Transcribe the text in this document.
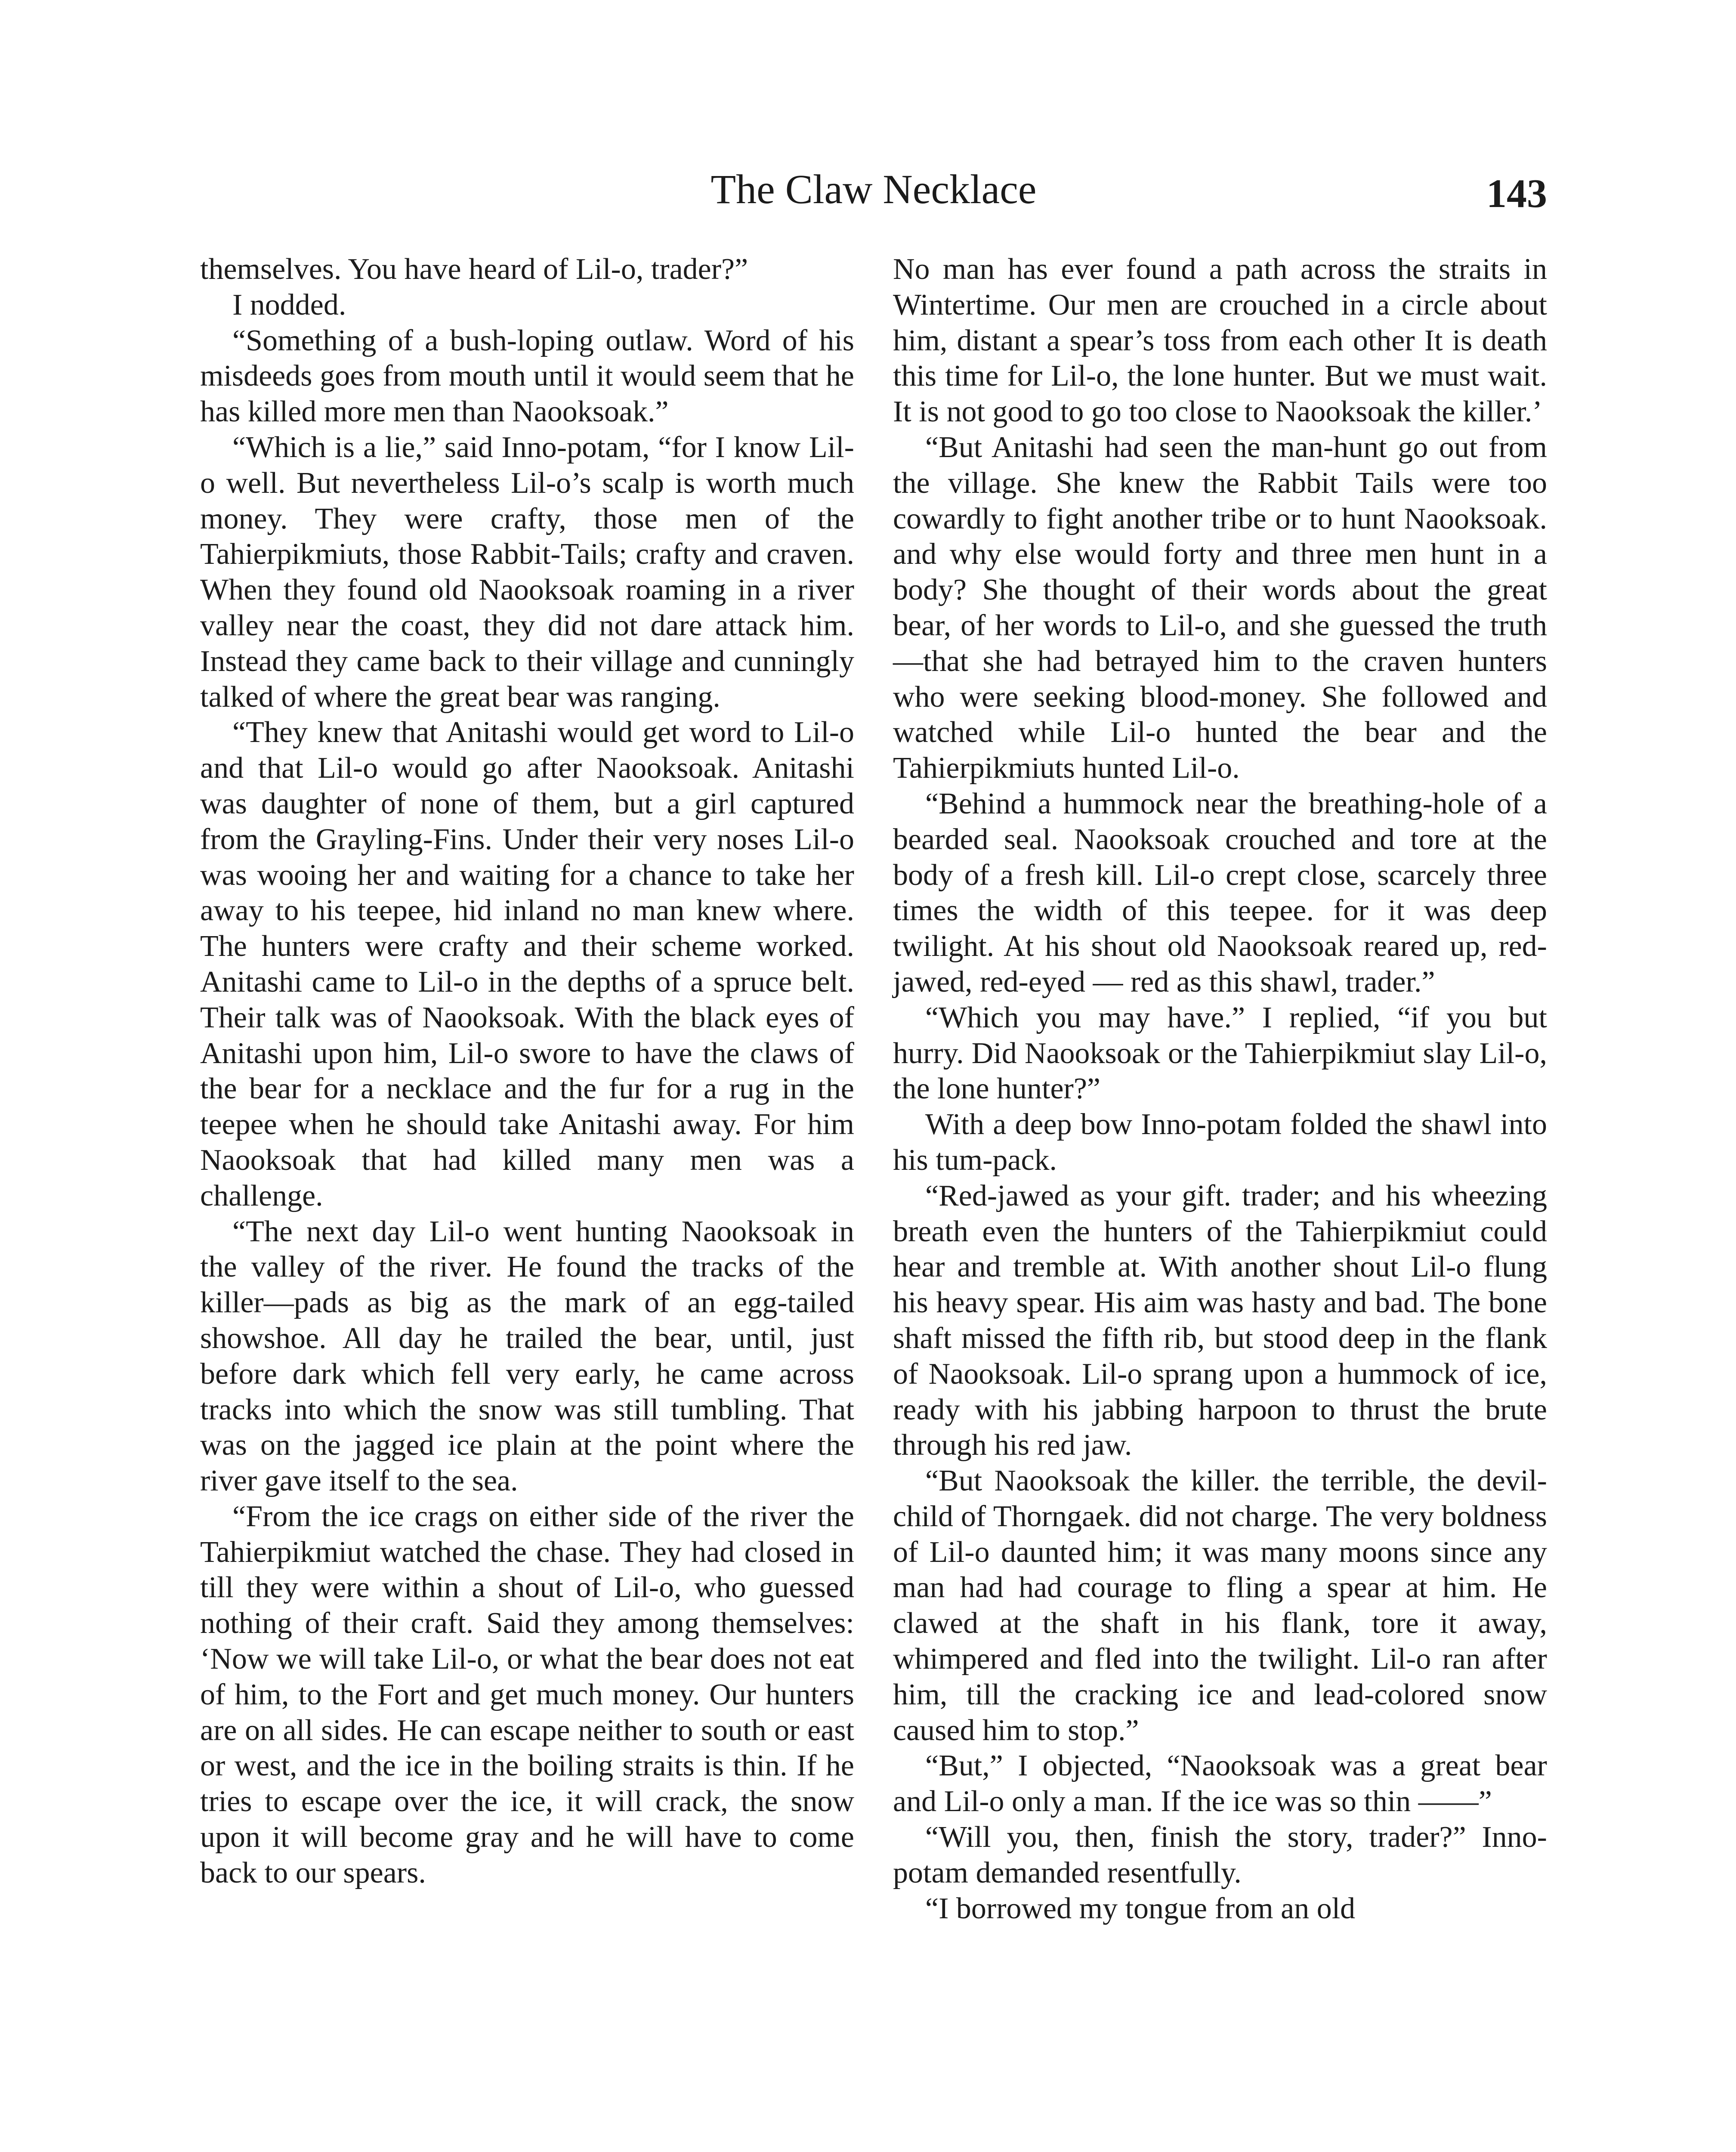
The Claw Necklace	143

themselves. You have heard of Lil-o, trader?”

I nodded.

“Something of a bush-loping outlaw. Word of his misdeeds goes from mouth until it would seem that he has killed more men than Naooksoak.”

“Which is a lie,” said Inno-potam, “for I know Lil-o well. But nevertheless Lil-o’s scalp is worth much money. They were crafty, those men of the Tahierpikmiuts, those Rabbit-Tails; crafty and craven. When they found old Naooksoak roaming in a river valley near the coast, they did not dare attack him. Instead they came back to their village and cunningly talked of where the great bear was ranging.

“They knew that Anitashi would get word to Lil-o and that Lil-o would go after Naooksoak. Anitashi was daughter of none of them, but a girl captured from the Grayling-Fins. Under their very noses Lil-o was wooing her and waiting for a chance to take her away to his teepee, hid inland no man knew where. The hunters were crafty and their scheme worked. Anitashi came to Lil-o in the depths of a spruce belt. Their talk was of Naooksoak. With the black eyes of Anitashi upon him, Lil-o swore to have the claws of the bear for a necklace and the fur for a rug in the teepee when he should take Anitashi away. For him Naooksoak that had killed many men was a challenge.

“The next day Lil-o went hunting Naooksoak in the valley of the river. He found the tracks of the killer—pads as big as the mark of an egg-tailed showshoe. All day he trailed the bear, until, just before dark which fell very early, he came across tracks into which the snow was still tumbling. That was on the jagged ice plain at the point where the river gave itself to the sea.

“From the ice crags on either side of the river the Tahierpikmiut watched the chase. They had closed in till they were within a shout of Lil-o, who guessed nothing of their craft. Said they among themselves: ‘Now we will take Lil-o, or what the bear does not eat of him, to the Fort and get much money. Our hunters are on all sides. He can escape neither to south or east or west, and the ice in the boiling straits is thin. If he tries to escape over the ice, it will crack, the snow upon it will become gray and he will have to come back to our spears.

No man has ever found a path across the straits in Wintertime. Our men are crouched in a circle about him, distant a spear’s toss from each other It is death this time for Lil-o, the lone hunter. But we must wait. It is not good to go too close to Naooksoak the killer.’

“But Anitashi had seen the man-hunt go out from the village. She knew the Rabbit Tails were too cowardly to fight another tribe or to hunt Naooksoak. and why else would forty and three men hunt in a body? She thought of their words about the great bear, of her words to Lil-o, and she guessed the truth—that she had betrayed him to the craven hunters who were seeking blood-money. She followed and watched while Lil-o hunted the bear and the Tahierpikmiuts hunted Lil-o.

“Behind a hummock near the breathing-hole of a bearded seal. Naooksoak crouched and tore at the body of a fresh kill. Lil-o crept close, scarcely three times the width of this teepee. for it was deep twilight. At his shout old Naooksoak reared up, red-jawed, red-eyed — red as this shawl, trader.”

“Which you may have.” I replied, “if you but hurry. Did Naooksoak or the Tahierpikmiut slay Lil-o, the lone hunter?”

With a deep bow Inno-potam folded the shawl into his tum-pack.

“Red-jawed as your gift. trader; and his wheezing breath even the hunters of the Tahierpikmiut could hear and tremble at. With another shout Lil-o flung his heavy spear. His aim was hasty and bad. The bone shaft missed the fifth rib, but stood deep in the flank of Naooksoak. Lil-o sprang upon a hummock of ice, ready with his jabbing harpoon to thrust the brute through his red jaw.

“But Naooksoak the killer. the terrible, the devil-child of Thorngaek. did not charge. The very boldness of Lil-o daunted him; it was many moons since any man had had courage to fling a spear at him. He clawed at the shaft in his flank, tore it away, whimpered and fled into the twilight. Lil-o ran after him, till the cracking ice and lead-colored snow caused him to stop.”

“But,” I objected, “Naooksoak was a great bear and Lil-o only a man. If the ice was so thin ——”

“Will you, then, finish the story, trader?” Inno-potam demanded resentfully.

“I borrowed my tongue from an old
